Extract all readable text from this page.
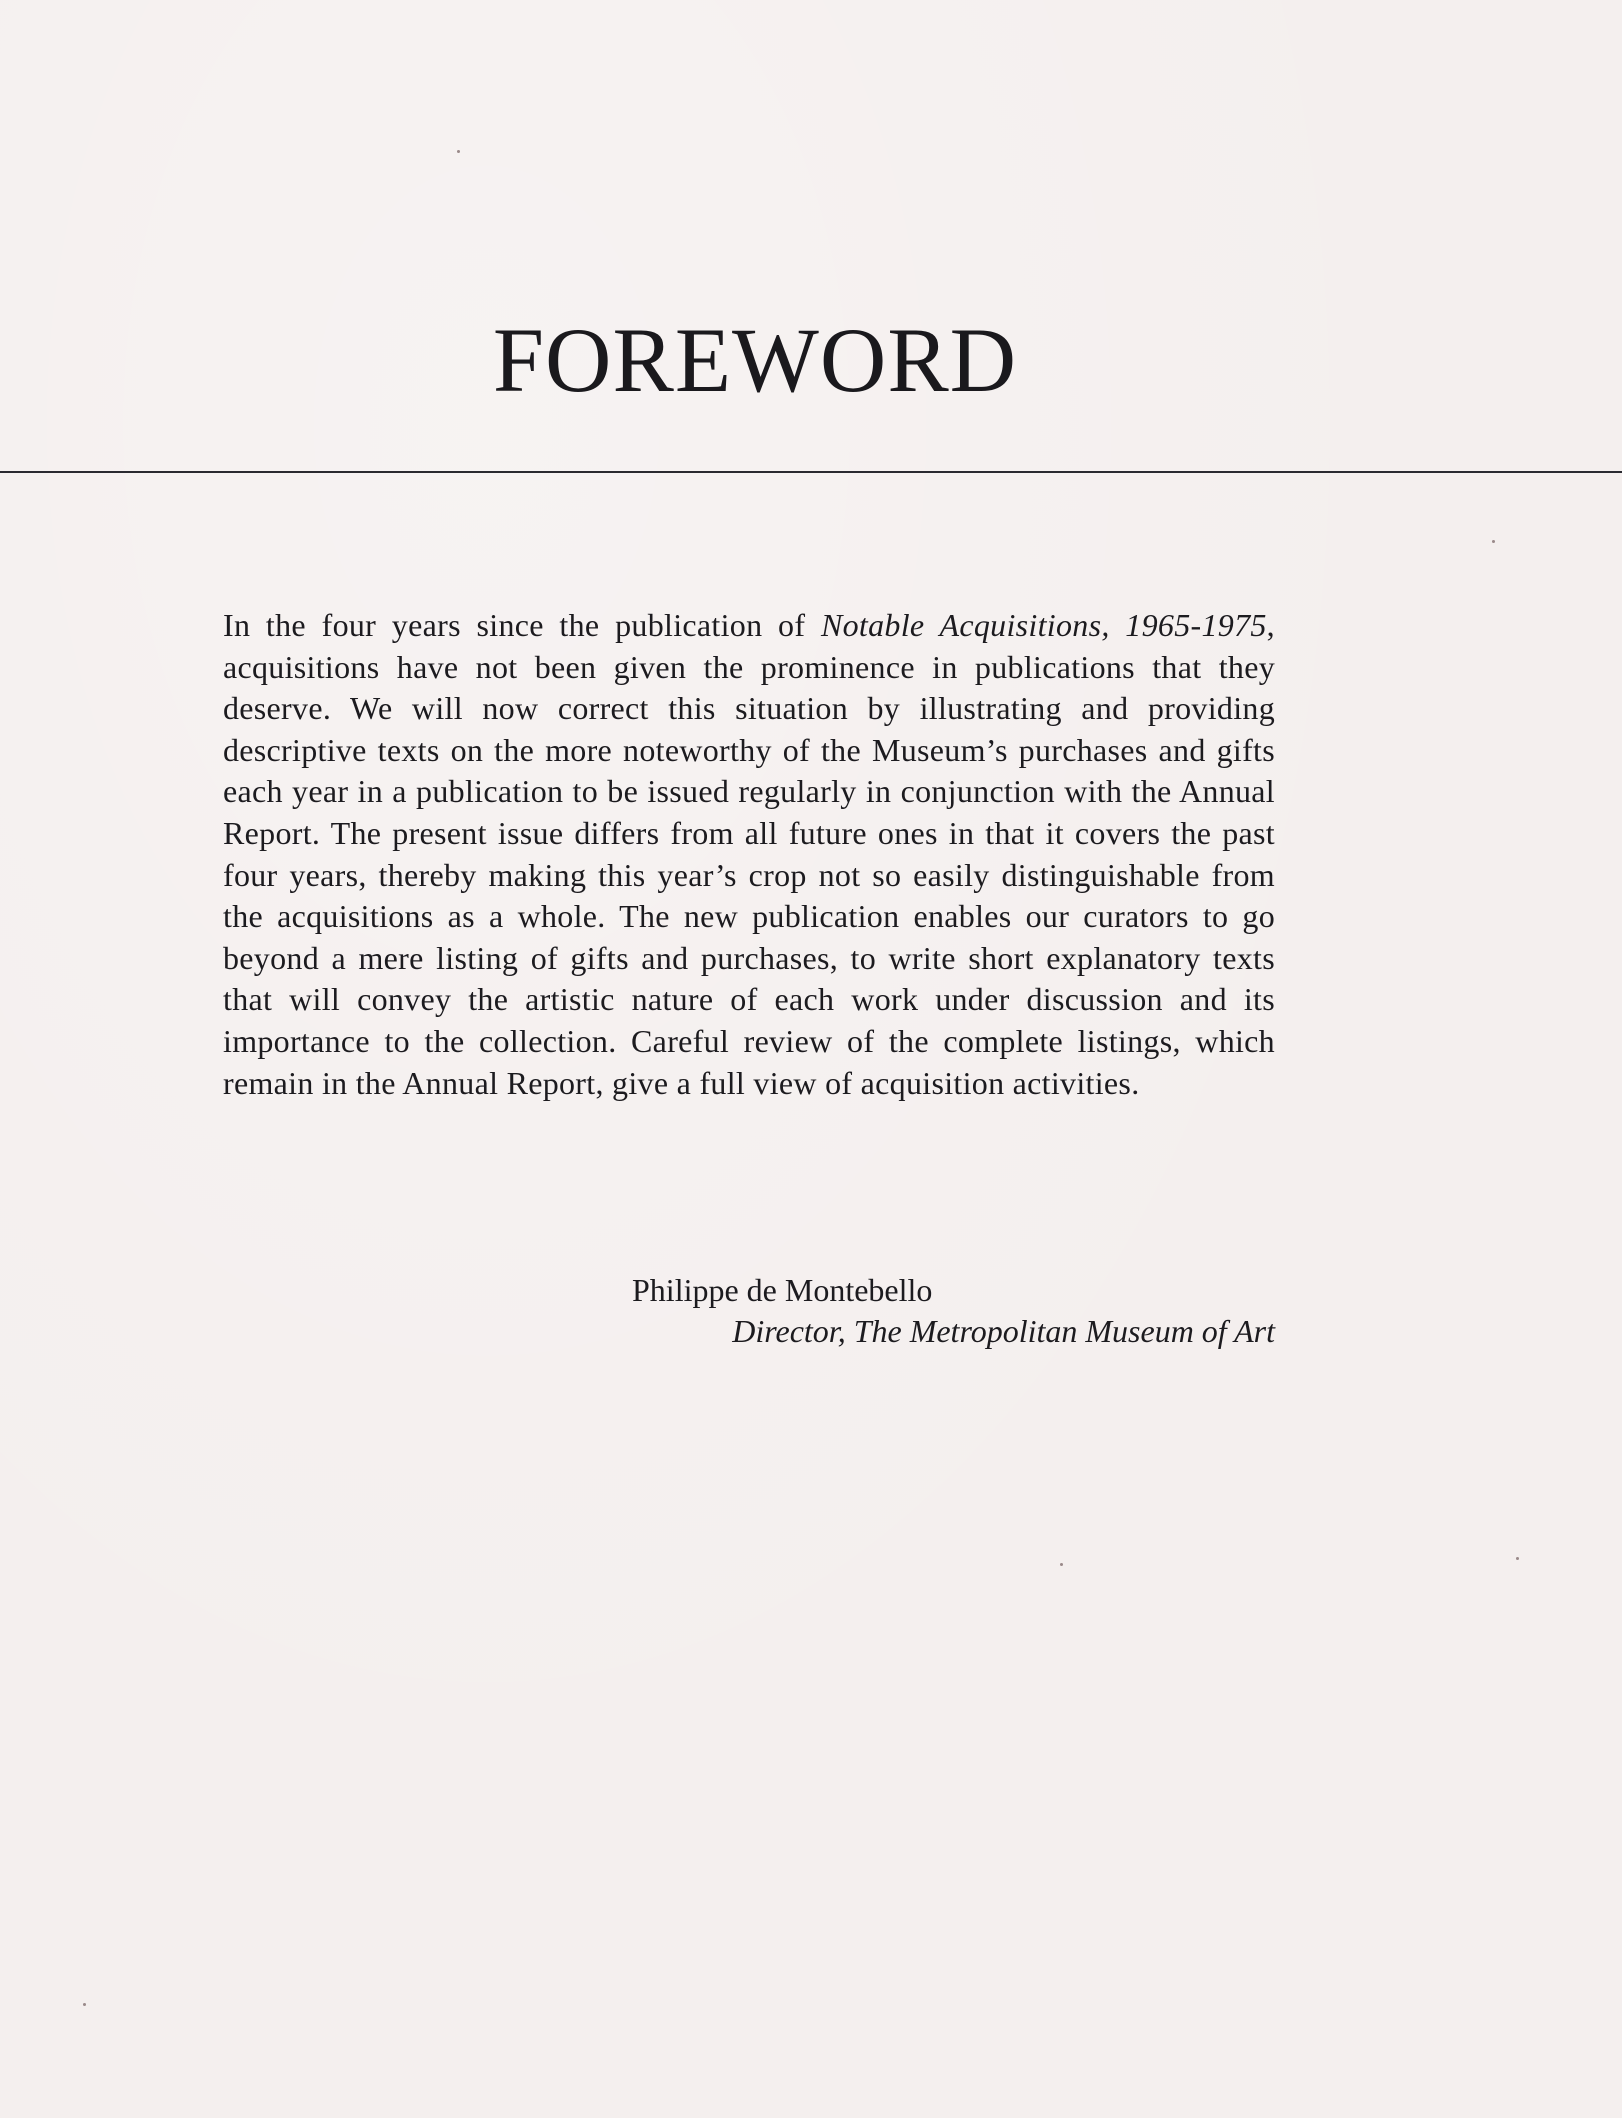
FOREWORD

In the four years since the publication of Notable Acquisitions, 1965-1975, acquisitions have not been given the prominence in publications that they deserve. We will now correct this situation by illustrating and providing descriptive texts on the more noteworthy of the Museum’s purchases and gifts each year in a publication to be issued regularly in conjunction with the Annual Report. The present issue differs from all future ones in that it covers the past four years, thereby making this year’s crop not so easily distinguishable from the acquisitions as a whole. The new publication enables our curators to go beyond a mere listing of gifts and purchases, to write short explanatory texts that will convey the artistic nature of each work under discussion and its importance to the collection. Careful review of the complete listings, which remain in the Annual Report, give a full view of acquisition activities.

Philippe de Montebello
Director, The Metropolitan Museum of Art
